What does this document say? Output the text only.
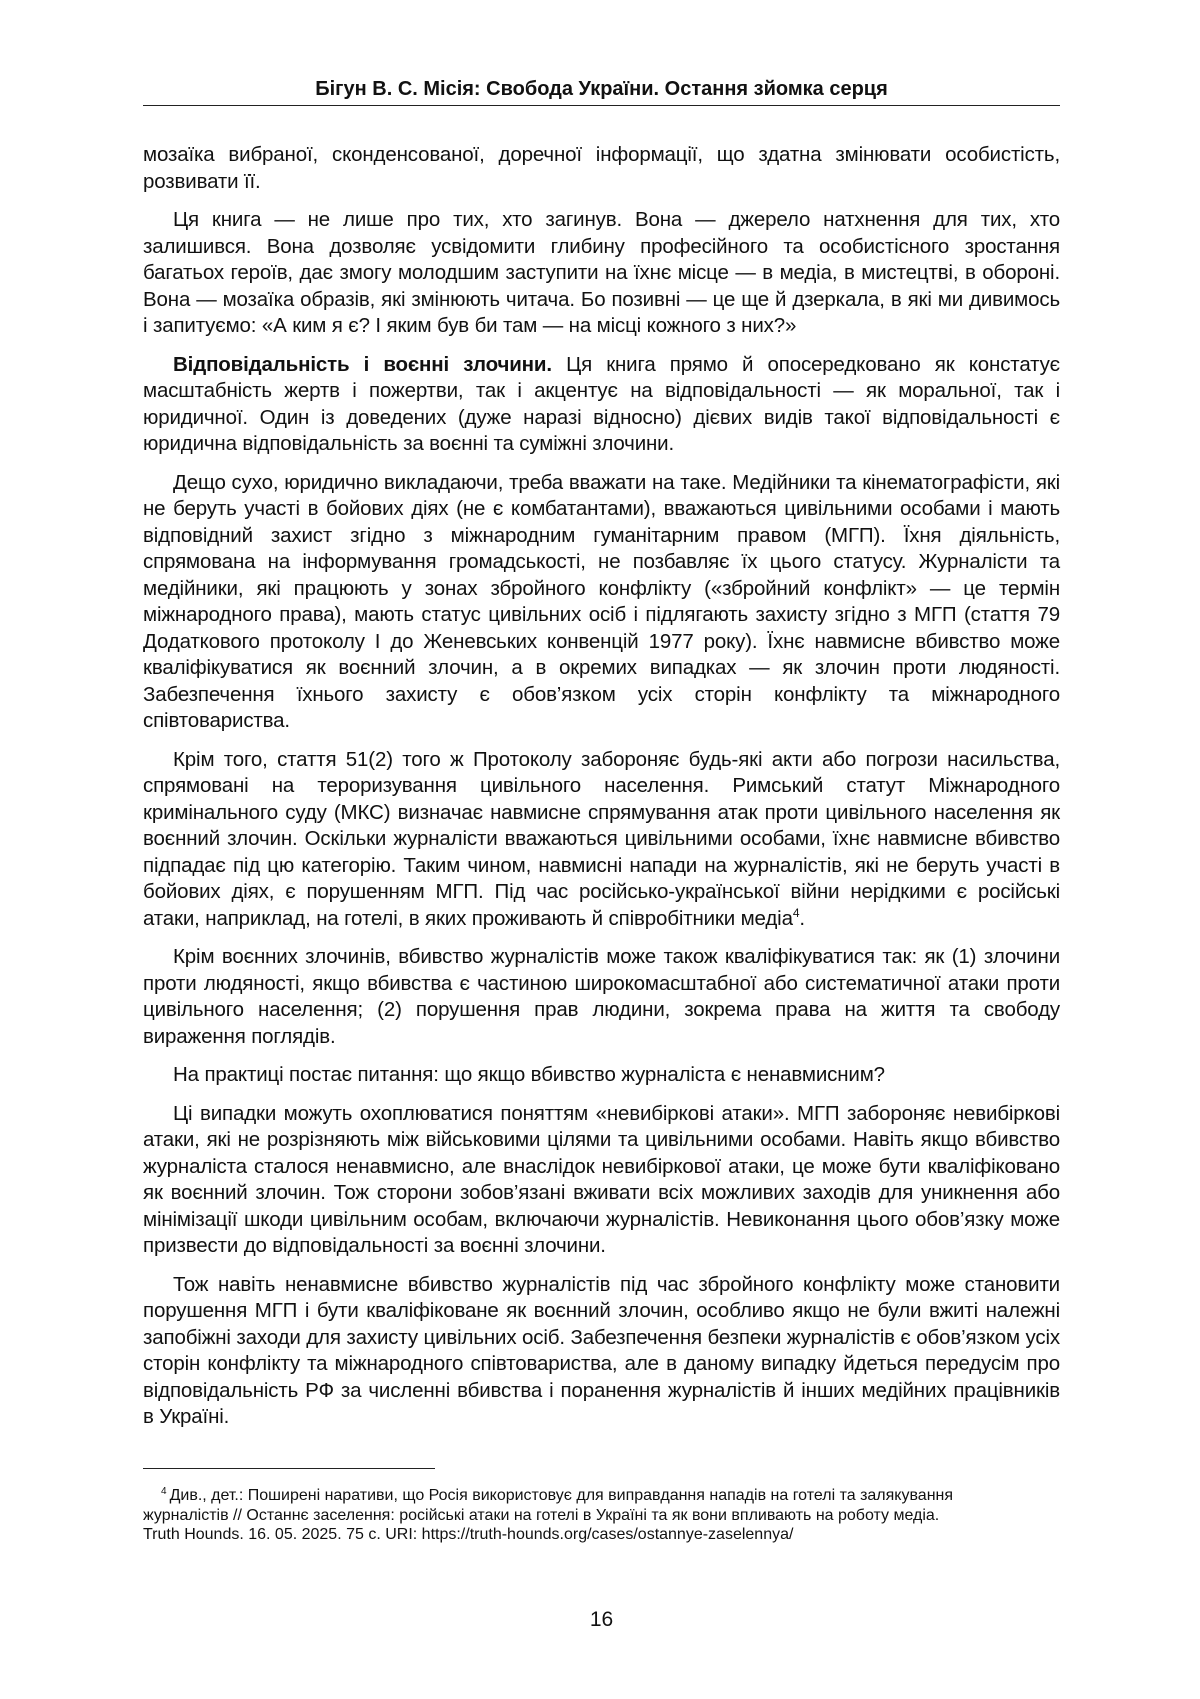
Бігун В. С. Місія: Свобода України. Остання зйомка серця

мозаїка вибраної, сконденсованої, доречної інформації, що здатна змінювати особистість, розвивати її.

Ця книга — не лише про тих, хто загинув. Вона — джерело натхнення для тих, хто залишився. Вона дозволяє усвідомити глибину професійного та особистісного зростання багатьох героїв, дає змогу молодшим заступити на їхнє місце — в медіа, в мистецтві, в обороні. Вона — мозаїка образів, які змінюють читача. Бо позивні — це ще й дзеркала, в які ми дивимось і запитуємо: «А ким я є? І яким був би там — на місці кожного з них?»

Відповідальність і воєнні злочини. Ця книга прямо й опосередковано як констатує масштабність жертв і пожертви, так і акцентує на відповідальності — як моральної, так і юридичної. Один із доведених (дуже наразі відносно) дієвих видів такої відповідальності є юридична відповідальність за воєнні та суміжні злочини.

Дещо сухо, юридично викладаючи, треба вважати на таке. Медійники та кінематографісти, які не беруть участі в бойових діях (не є комбатантами), вважаються цивільними особами і мають відповідний захист згідно з міжнародним гуманітарним правом (МГП). Їхня діяльність, спрямована на інформування громадськості, не позбавляє їх цього статусу. Журналісти та медійники, які працюють у зонах збройного конфлікту («збройний конфлікт» — це термін міжнародного права), мають статус цивільних осіб і підлягають захисту згідно з МГП (стаття 79 Додаткового протоколу I до Женевських конвенцій 1977 року). Їхнє навмисне вбивство може кваліфікуватися як воєнний злочин, а в окремих випадках — як злочин проти людяності. Забезпечення їхнього захисту є обов’язком усіх сторін конфлікту та міжнародного співтовариства.

Крім того, стаття 51(2) того ж Протоколу забороняє будь-які акти або погрози насильства, спрямовані на тероризування цивільного населення. Римський статут Міжнародного кримінального суду (МКС) визначає навмисне спрямування атак проти цивільного населення як воєнний злочин. Оскільки журналісти вважаються цивільними особами, їхнє навмисне вбивство підпадає під цю категорію. Таким чином, навмисні напади на журналістів, які не беруть участі в бойових діях, є порушенням МГП. Під час російсько-української війни нерідкими є російські атаки, наприклад, на готелі, в яких проживають й співробітники медіа$^4$.

Крім воєнних злочинів, вбивство журналістів може також кваліфікуватися так: як (1) злочини проти людяності, якщо вбивства є частиною широкомасштабної або систематичної атаки проти цивільного населення; (2) порушення прав людини, зокрема права на життя та свободу вираження поглядів.

На практиці постає питання: що якщо вбивство журналіста є ненавмисним?

Ці випадки можуть охоплюватися поняттям «невибіркові атаки». МГП забороняє невибіркові атаки, які не розрізняють між військовими цілями та цивільними особами. Навіть якщо вбивство журналіста сталося ненавмисно, але внаслідок невибіркової атаки, це може бути кваліфіковано як воєнний злочин. Тож сторони зобов’язані вживати всіх можливих заходів для уникнення або мінімізації шкоди цивільним особам, включаючи журналістів. Невиконання цього обов’язку може призвести до відповідальності за воєнні злочини.

Тож навіть ненавмисне вбивство журналістів під час збройного конфлікту може становити порушення МГП і бути кваліфіковане як воєнний злочин, особливо якщо не були вжиті належні запобіжні заходи для захисту цивільних осіб. Забезпечення безпеки журналістів є обов’язком усіх сторін конфлікту та міжнародного співтовариства, але в даному випадку йдеться передусім про відповідальність РФ за численні вбивства і поранення журналістів й інших медійних працівників в Україні.

$^4$ Див., дет.: Поширені наративи, що Росія використовує для виправдання нападів на готелі та залякування
журналістів // Останнє заселення: російські атаки на готелі в Україні та як вони впливають на роботу медіа.
Truth Hounds. 16. 05. 2025. 75 с. URI: https://truth-hounds.org/cases/ostannye-zaselennya/
16
